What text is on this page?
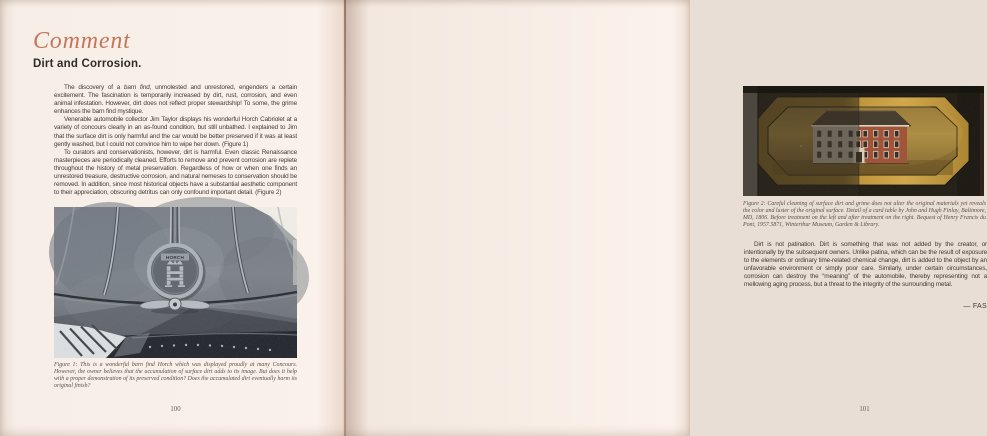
Comment
Dirt and Corrosion.

The discovery of a barn find, unmolested and unrestored, engenders a certain excitement. The fascination is temporarily increased by dirt, rust, corrosion, and even animal infestation. However, dirt does not reflect proper stewardship! To some, the grime enhances the barn find mystique.

Venerable automobile collector Jim Taylor displays his wonderful Horch Cabriolet at a variety of concours clearly in an as-found condition, but still unbathed. I explained to Jim that the surface dirt is only harmful and the car would be better preserved if it was at least gently washed, but I could not convince him to wipe her down. (Figure 1)

To curators and conservationists, however, dirt is harmful. Even classic Renaissance masterpieces are periodically cleaned. Efforts to remove and prevent corrosion are replete throughout the history of metal preservation. Regardless of how or when one finds an unrestored treasure, destructive corrosion, and natural nemeses to conservation should be removed. In addition, since most historical objects have a substantial aesthetic component to their appreciation, obscuring detritus can only confound important detail. (Figure 2)

Figure 1: This is a wonderful barn find Horch which was displayed proudly at many Concours. However, the owner believes that the accumulation of surface dirt adds to its image. But does it help with a proper demonstration of its preserved condition? Does the accumulated dirt eventually harm its original finish?
100
Figure 2: Careful cleaning of surface dirt and grime does not alter the original materials yet reveals the color and luster of the original surface. Detail of a card table by John and Hugh Finlay, Baltimore, MD, 1806. Before treatment on the left and after treatment on the right. Bequest of Henry Francis du Pont, 1957.5871, Winterthur Museum, Garden & Library.

Dirt is not patination. Dirt is something that was not added by the creator, or intentionally by the subsequent owners. Unlike patina, which can be the result of exposure to the elements or ordinary time-related chemical change, dirt is added to the object by an unfavorable environment or simply poor care. Similarly, under certain circumstances, corrosion can destroy the “meaning” of the automobile, thereby representing not a mellowing aging process, but a threat to the integrity of the surrounding metal.

— FAS
101
